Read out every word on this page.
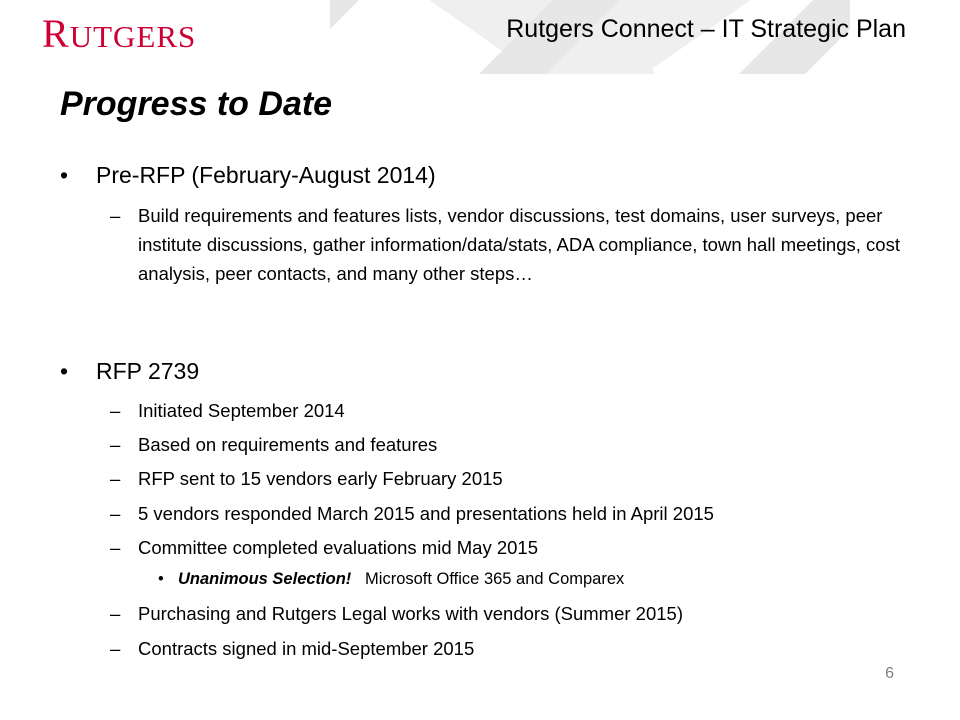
RUTGERS	Rutgers Connect – IT Strategic Plan
Progress to Date
• Pre-RFP (February-August 2014)
– Build requirements and features lists, vendor discussions, test domains, user surveys, peer institute discussions, gather information/data/stats, ADA compliance, town hall meetings, cost analysis, peer contacts, and many other steps…
• RFP 2739
– Initiated September 2014
– Based on requirements and features
– RFP sent to 15 vendors early February 2015
– 5 vendors responded March 2015 and presentations held in April 2015
– Committee completed evaluations mid May 2015
• Unanimous Selection! Microsoft Office 365 and Comparex
– Purchasing and Rutgers Legal works with vendors (Summer 2015)
– Contracts signed in mid-September 2015
6
